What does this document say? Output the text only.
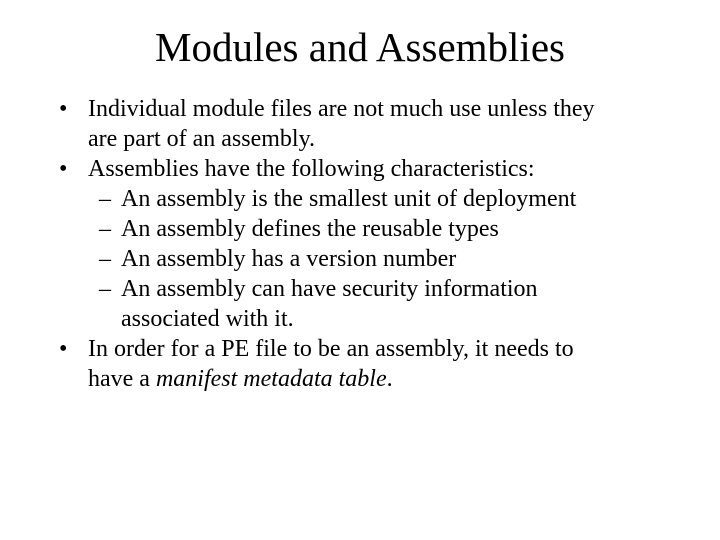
Modules and Assemblies
• Individual module files are not much use unless they
are part of an assembly.
• Assemblies have the following characteristics:
– An assembly is the smallest unit of deployment
– An assembly defines the reusable types
– An assembly has a version number
– An assembly can have security information
associated with it.
• In order for a PE file to be an assembly, it needs to
have a manifest metadata table.
